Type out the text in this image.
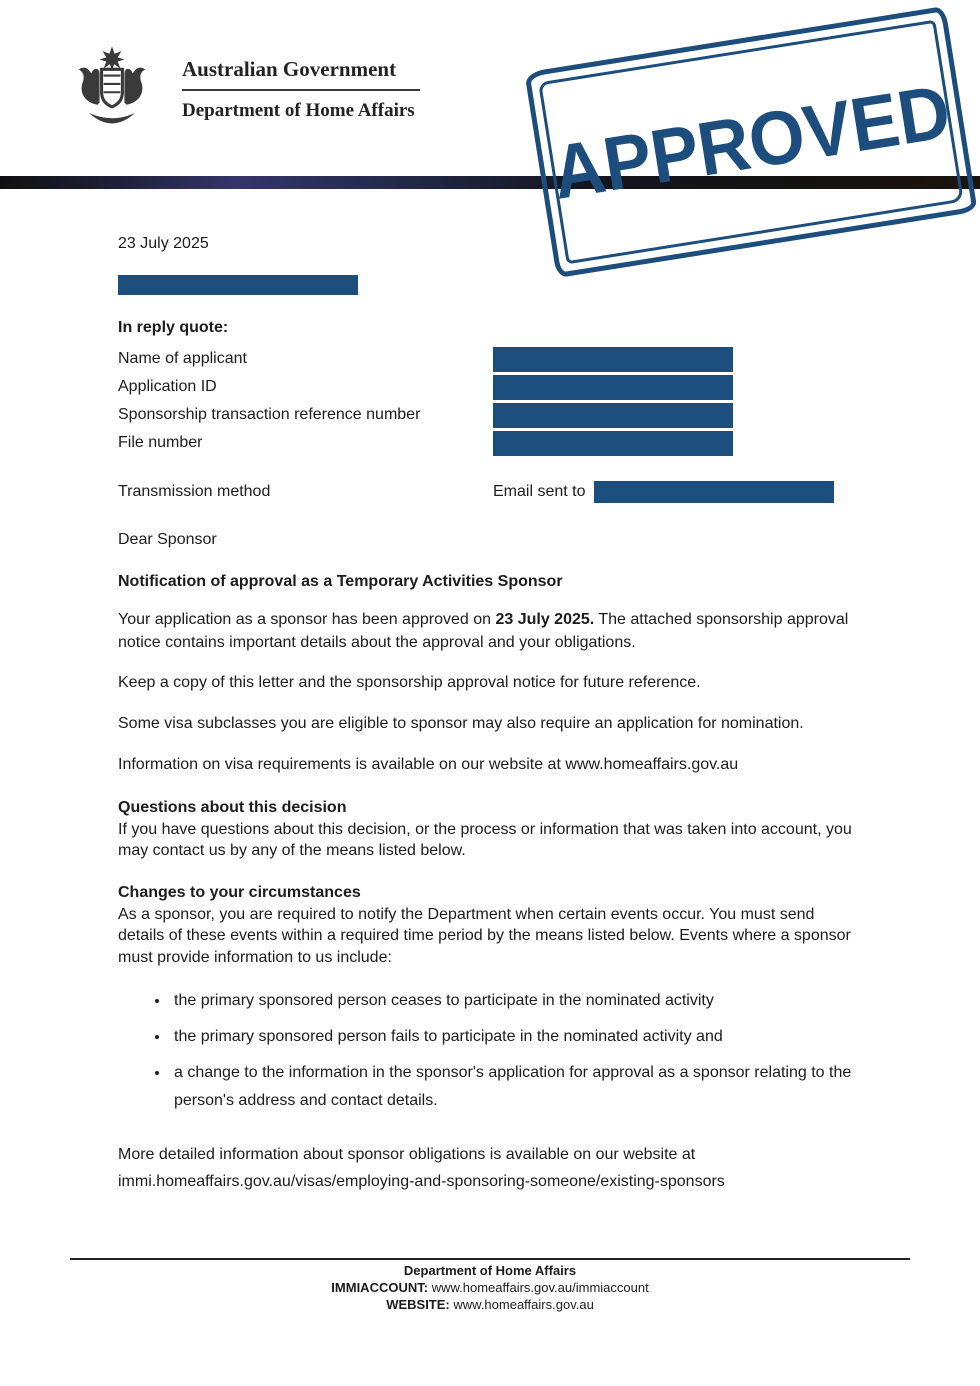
Australian Government
Department of Home Affairs APPROVED

23 July 2025

In reply quote:

Name of applicant
Application ID
Sponsorship transaction reference number
File number
Transmission method	Email sent to

Dear Sponsor

Notification of approval as a Temporary Activities Sponsor

Your application as a sponsor has been approved on 23 July 2025. The attached sponsorship approval notice contains important details about the approval and your obligations.

Keep a copy of this letter and the sponsorship approval notice for future reference.

Some visa subclasses you are eligible to sponsor may also require an application for nomination.

Information on visa requirements is available on our website at www.homeaffairs.gov.au

Questions about this decision

If you have questions about this decision, or the process or information that was taken into account, you may contact us by any of the means listed below.

Changes to your circumstances

As a sponsor, you are required to notify the Department when certain events occur. You must send details of these events within a required time period by the means listed below. Events where a sponsor must provide information to us include:

the primary sponsored person ceases to participate in the nominated activity
the primary sponsored person fails to participate in the nominated activity and
a change to the information in the sponsor's application for approval as a sponsor relating to the person's address and contact details.

More detailed information about sponsor obligations is available on our website at immi.homeaffairs.gov.au/visas/employing-and-sponsoring-someone/existing-sponsors

Department of Home Affairs
IMMIACCOUNT: www.homeaffairs.gov.au/immiaccount
WEBSITE: www.homeaffairs.gov.au
